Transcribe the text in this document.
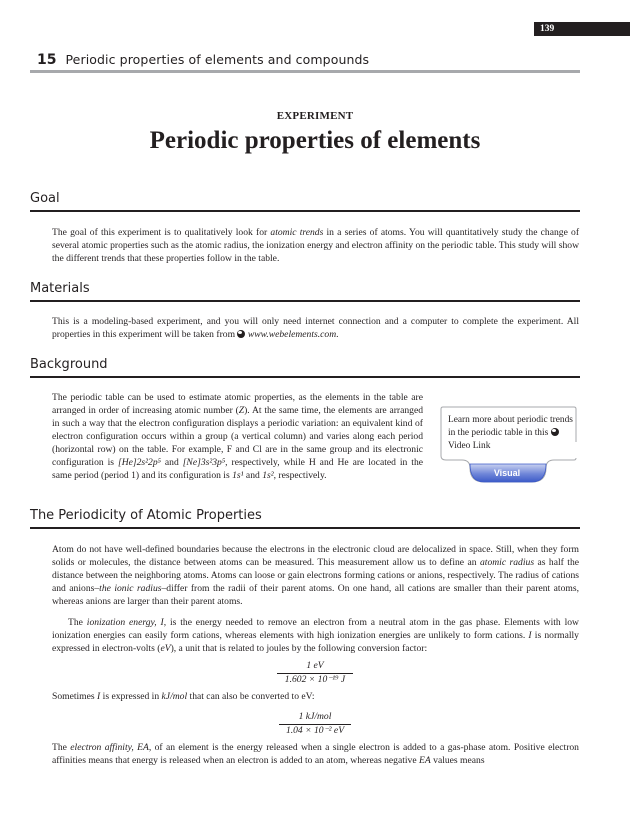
139
15 Periodic properties of elements and compounds
EXPERIMENT
Periodic properties of elements
Goal
The goal of this experiment is to qualitatively look for atomic trends in a series of atoms. You will quantitatively study the change of several atomic properties such as the atomic radius, the ionization energy and electron affinity on the periodic table. This study will show the different trends that these properties follow in the table.
Materials
This is a modeling-based experiment, and you will only need internet connection and a computer to complete the experiment. All properties in this experiment will be taken from  www.webelements.com.
Background
The periodic table can be used to estimate atomic properties, as the elements in the table are arranged in order of increasing atomic number (Z). At the same time, the elements are arranged in such a way that the electron configuration displays a periodic variation: an equivalent kind of electron configuration occurs within a group (a vertical column) and varies along each period (horizontal row) on the table. For example, F and Cl are in the same group and its electronic configuration is [He]2s²2p⁵ and [Ne]3s²3p⁵, respectively, while H and He are located in the same period (period 1) and its configuration is 1s¹ and 1s², respectively.
Learn more about periodic trends in the periodic table in this  Video Link
Visual
The Periodicity of Atomic Properties
Atom do not have well-defined boundaries because the electrons in the electronic cloud are delocalized in space. Still, when they form solids or molecules, the distance between atoms can be measured. This measurement allow us to define an atomic radius as half the distance between the neighboring atoms. Atoms can loose or gain electrons forming cations or anions, respectively. The radius of cations and anions–the ionic radius–differ from the radii of their parent atoms. On one hand, all cations are smaller than their parent atoms, whereas anions are larger than their parent atoms.
The ionization energy, I, is the energy needed to remove an electron from a neutral atom in the gas phase. Elements with low ionization energies can easily form cations, whereas elements with high ionization energies are unlikely to form cations. I is normally expressed in electron-volts (eV), a unit that is related to joules by the following conversion factor:
1 eV
1.602 × 10⁻¹⁹ J
Sometimes I is expressed in kJ/mol that can also be converted to eV:
1 kJ/mol
1.04 × 10⁻² eV
The electron affinity, EA, of an element is the energy released when a single electron is added to a gas-phase atom. Positive electron affinities means that energy is released when an electron is added to an atom, whereas negative EA values means
